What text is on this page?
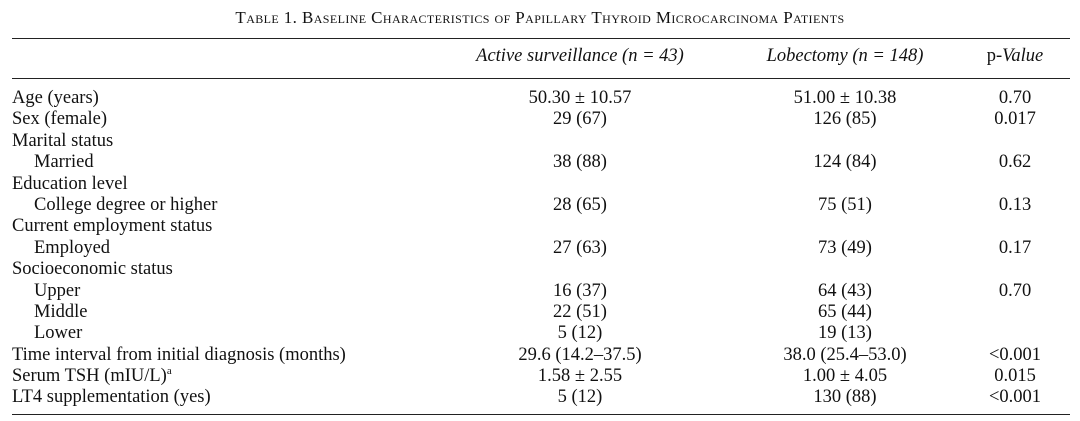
Table 1. Baseline Characteristics of Papillary Thyroid Microcarcinoma Patients
Active surveillance (n = 43)	Lobectomy (n = 148)	p-Value
Age (years)	50.30 ± 10.57	51.00 ± 10.38	0.70
Sex (female)	29 (67)	126 (85)	0.017
Marital status
Married	38 (88)	124 (84)	0.62
Education level
College degree or higher	28 (65)	75 (51)	0.13
Current employment status
Employed	27 (63)	73 (49)	0.17
Socioeconomic status
Upper	16 (37)	64 (43)	0.70
Middle	22 (51)	65 (44)
Lower	5 (12)	19 (13)
Time interval from initial diagnosis (months)	29.6 (14.2–37.5)	38.0 (25.4–53.0)	<0.001
Serum TSH $(mIU/L)^a$	1.58 ± 2.55	1.00 ± 4.05	0.015
LT4 supplementation (yes)	5 (12)	130 (88)	<0.001
